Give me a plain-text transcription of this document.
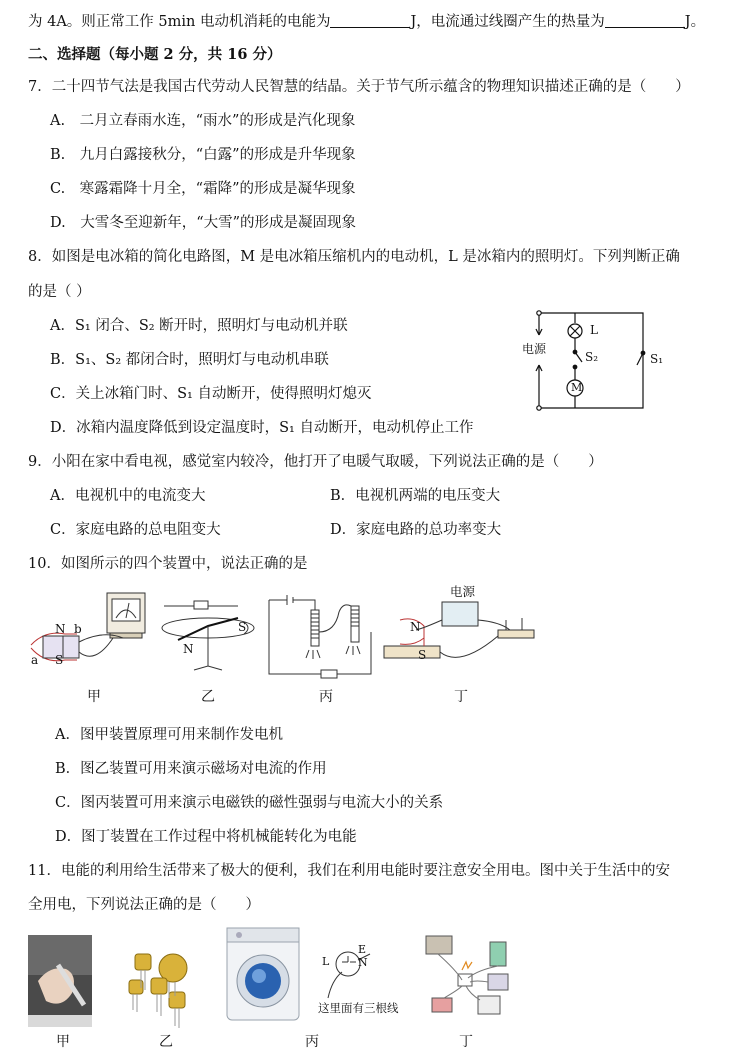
为 4A。则正常工作 5min 电动机消耗的电能为	J，电流通过线圈产生的热量为	J。
二、选择题（每小题 2 分，共 16 分）
7．二十四节气法是我国古代劳动人民智慧的结晶。关于节气所示蕴含的物理知识描述正确的是（　　）
A.　二月立春雨水连，“雨水”的形成是汽化现象
B.　九月白露接秋分，“白露”的形成是升华现象
C.　寒露霜降十月全，“霜降”的形成是凝华现象
D.　大雪冬至迎新年，“大雪”的形成是凝固现象
8．如图是电冰箱的简化电路图，M 是电冰箱压缩机内的电动机，L 是冰箱内的照明灯。下列判断正确
的是（ ）
A．S₁ 闭合、S₂ 断开时，照明灯与电动机并联
B．S₁、S₂ 都闭合时，照明灯与电动机串联
C．关上冰箱门时、S₁ 自动断开，使得照明灯熄灭
D．冰箱内温度降低到设定温度时，S₁ 自动断开，电动机停止工作
电源
L
S₂	S₁
M
9．小阳在家中看电视，感觉室内较冷，他打开了电暖气取暖，下列说法正确的是（　　）
A．电视机中的电流变大	B．电视机两端的电压变大
C．家庭电路的总电阻变大	D．家庭电路的总功率变大
10．如图所示的四个装置中，说法正确的是
N b
a S
S
N
电源
N
S
甲	乙	丙	丁
A．图甲装置原理可用来制作发电机
B．图乙装置可用来演示磁场对电流的作用
C．图丙装置可用来演示电磁铁的磁性强弱与电流大小的关系
D．图丁装置在工作过程中将机械能转化为电能
11．电能的利用给生活带来了极大的便利，我们在利用电能时要注意安全用电。图中关于生活中的安
全用电，下列说法正确的是（　　）
L
E
N
这里面有三根线
甲	乙	丙	丁
